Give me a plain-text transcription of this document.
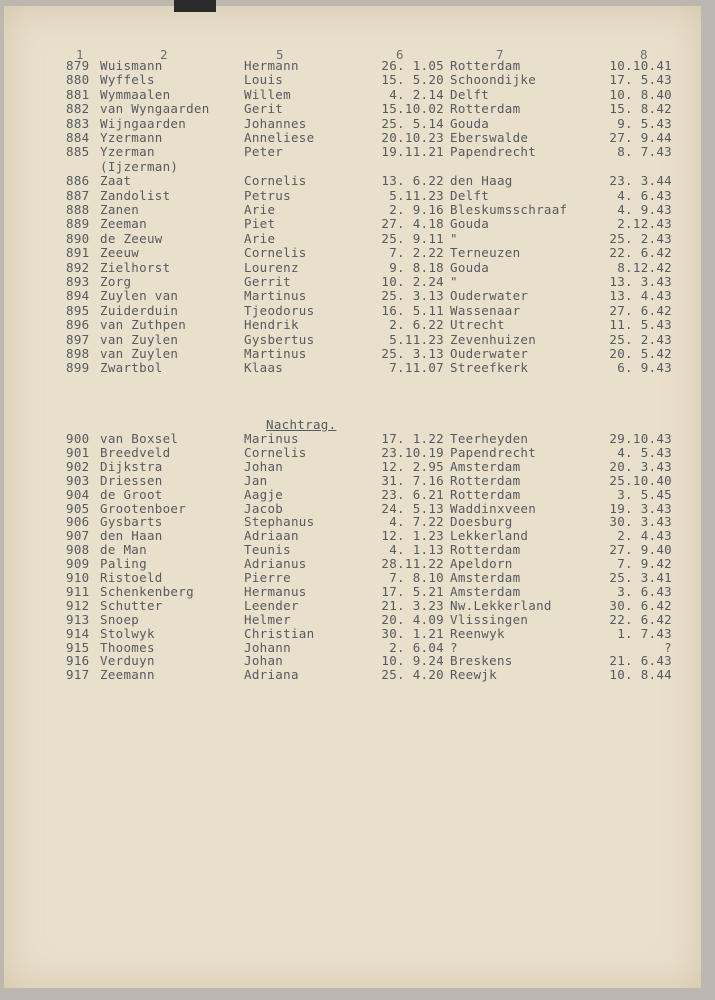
1	2	5	6	7	8
879 Wuismann	Hermann	26. 1.05 Rotterdam	10.10.41
880 Wyffels	Louis	15. 5.20 Schoondijke	17. 5.43
881 Wymmaalen	Willem	4. 2.14 Delft	10. 8.40
882 van Wyngaarden	Gerit	15.10.02 Rotterdam	15. 8.42
883 Wijngaarden	Johannes	25. 5.14 Gouda	9. 5.43
884 Yzermann	Anneliese	20.10.23 Eberswalde	27. 9.44
885 Yzerman	Peter	19.11.21 Papendrecht	8. 7.43
(Ijzerman)
886 Zaat	Cornelis	13. 6.22 den Haag	23. 3.44
887 Zandolist	Petrus	5.11.23 Delft	4. 6.43
888 Zanen	Arie	2. 9.16 Bleskumsschraaf	4. 9.43
889 Zeeman	Piet	27. 4.18 Gouda	2.12.43
890 de Zeeuw	Arie	25. 9.11 "	25. 2.43
891 Zeeuw	Cornelis	7. 2.22 Terneuzen	22. 6.42
892 Zielhorst	Lourenz	9. 8.18 Gouda	8.12.42
893 Zorg	Gerrit	10. 2.24 "	13. 3.43
894 Zuylen van	Martinus	25. 3.13 Ouderwater	13. 4.43
895 Zuiderduin	Tjeodorus	16. 5.11 Wassenaar	27. 6.42
896 van Zuthpen	Hendrik	2. 6.22 Utrecht	11. 5.43
897 van Zuylen	Gysbertus	5.11.23 Zevenhuizen	25. 2.43
898 van Zuylen	Martinus	25. 3.13 Ouderwater	20. 5.42
899 Zwartbol	Klaas	7.11.07 Streefkerk	6. 9.43
Nachtrag.
900 van Boxsel	Marinus	17. 1.22 Teerheyden	29.10.43
901 Breedveld	Cornelis	23.10.19 Papendrecht	4. 5.43
902 Dijkstra	Johan	12. 2.95 Amsterdam	20. 3.43
903 Driessen	Jan	31. 7.16 Rotterdam	25.10.40
904 de Groot	Aagje	23. 6.21 Rotterdam	3. 5.45
905 Grootenboer	Jacob	24. 5.13 Waddinxveen	19. 3.43
906 Gysbarts	Stephanus	4. 7.22 Doesburg	30. 3.43
907 den Haan	Adriaan	12. 1.23 Lekkerland	2. 4.43
908 de Man	Teunis	4. 1.13 Rotterdam	27. 9.40
909 Paling	Adrianus	28.11.22 Apeldorn	7. 9.42
910 Ristoeld	Pierre	7. 8.10 Amsterdam	25. 3.41
911 Schenkenberg	Hermanus	17. 5.21 Amsterdam	3. 6.43
912 Schutter	Leender	21. 3.23 Nw.Lekkerland	30. 6.42
913 Snoep	Helmer	20. 4.09 Vlissingen	22. 6.42
914 Stolwyk	Christian	30. 1.21 Reenwyk	1. 7.43
915 Thoomes	Johann	2. 6.04 ?	?
916 Verduyn	Johan	10. 9.24 Breskens	21. 6.43
917 Zeemann	Adriana	25. 4.20 Reewjk	10. 8.44
